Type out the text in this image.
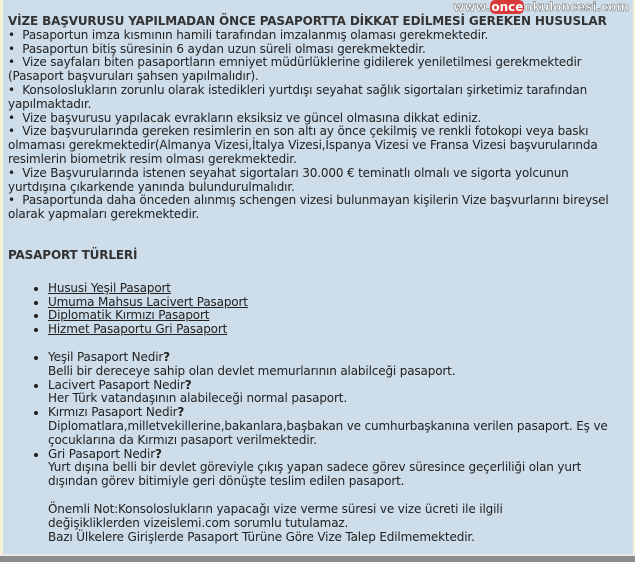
VİZE BAŞVURUSU YAPILMADAN ÖNCE PASAPORTTA DİKKAT EDİLMESİ GEREKEN HUSUSLAR
•  Pasaportun imza kısmının hamili tarafından imzalanmış olaması gerekmektedir.
•  Pasaportun bitiş süresinin 6 aydan uzun süreli olması gerekmektedir.
•  Vize sayfaları biten pasaportların emniyet müdürlüklerine gidilerek yeniletilmesi gerekmektedir (Pasaport başvuruları şahsen yapılmalıdır).
•  Konsoloslukların zorunlu olarak istedikleri yurtdışı seyahat sağlık sigortaları şirketimiz tarafından yapılmaktadır.
•  Vize başvurusu yapılacak evrakların eksiksiz ve güncel olmasına dikkat ediniz.
•  Vize başvurularında gereken resimlerin en son altı ay önce çekilmiş ve renkli fotokopi veya baskı olmaması gerekmektedir(Almanya Vizesi,İtalya Vizesi,İspanya Vizesi ve Fransa Vizesi başvurularında resimlerin biometrik resim olması gerekmektedir.
•  Vize Başvurularında istenen seyahat sigortaları 30.000 € teminatlı olmalı ve sigorta yolcunun yurtdışına çıkarkende yanında bulundurulmalıdır.
•  Pasaportunda daha önceden alınmış schengen vizesi bulunmayan kişilerin Vize başvurlarını bireysel olarak yapmaları gerekmektedir.
PASAPORT TÜRLERİ
• Hususi Yeşil Pasaport
• Umuma Mahsus Lacivert Pasaport
• Diplomatik Kırmızı Pasaport
• Hizmet Pasaportu Gri Pasaport
• Yeşil Pasaport Nedir?
Belli bir dereceye sahip olan devlet memurlarının alabilceği pasaport.
• Lacivert Pasaport Nedir?
Her Türk vatandaşının alabileceği normal pasaport.
• Kırmızı Pasaport Nedir?
Diplomatlara,milletvekillerine,bakanlara,başbakan ve cumhurbaşkanına verilen pasaport. Eş ve çocuklarına da Kırmızı pasaport verilmektedir.
• Gri Pasaport Nedir?
Yurt dışına belli bir devlet göreviyle çıkış yapan sadece görev süresince geçerliliği olan yurt dışından görev bitimiyle geri dönüşte teslim edilen pasaport.
Önemli Not:Konsoloslukların yapacağı vize verme süresi ve vize ücreti ile ilgili
değişikliklerden vizeislemi.com sorumlu tutulamaz.
Bazı Ülkelere Girişlerde Pasaport Türüne Göre Vize Talep Edilmemektedir.
www.onceokuloncesi.com
